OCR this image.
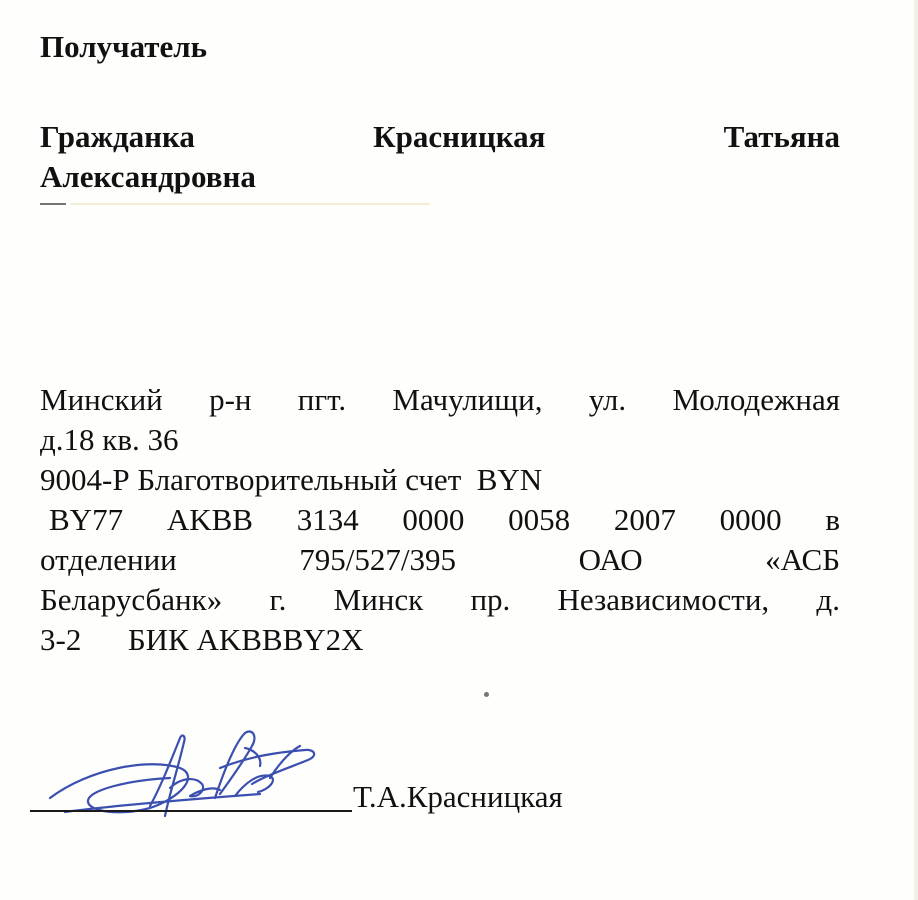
Получатель
Гражданка	Красницкая	Татьяна
Александровна
Минский р-н пгт. Мачулищи, ул. Молодежная
д.18 кв. 36
9004-Р Благотворительный счет  BYN
BY77 AKBB 3134 0000 0058 2007 0000 в
отделении	795/527/395	ОАО	«АСБ
Беларусбанк» г. Минск пр. Независимости, д.
3-2      БИК AKBBBY2X
Т.А.Красницкая
